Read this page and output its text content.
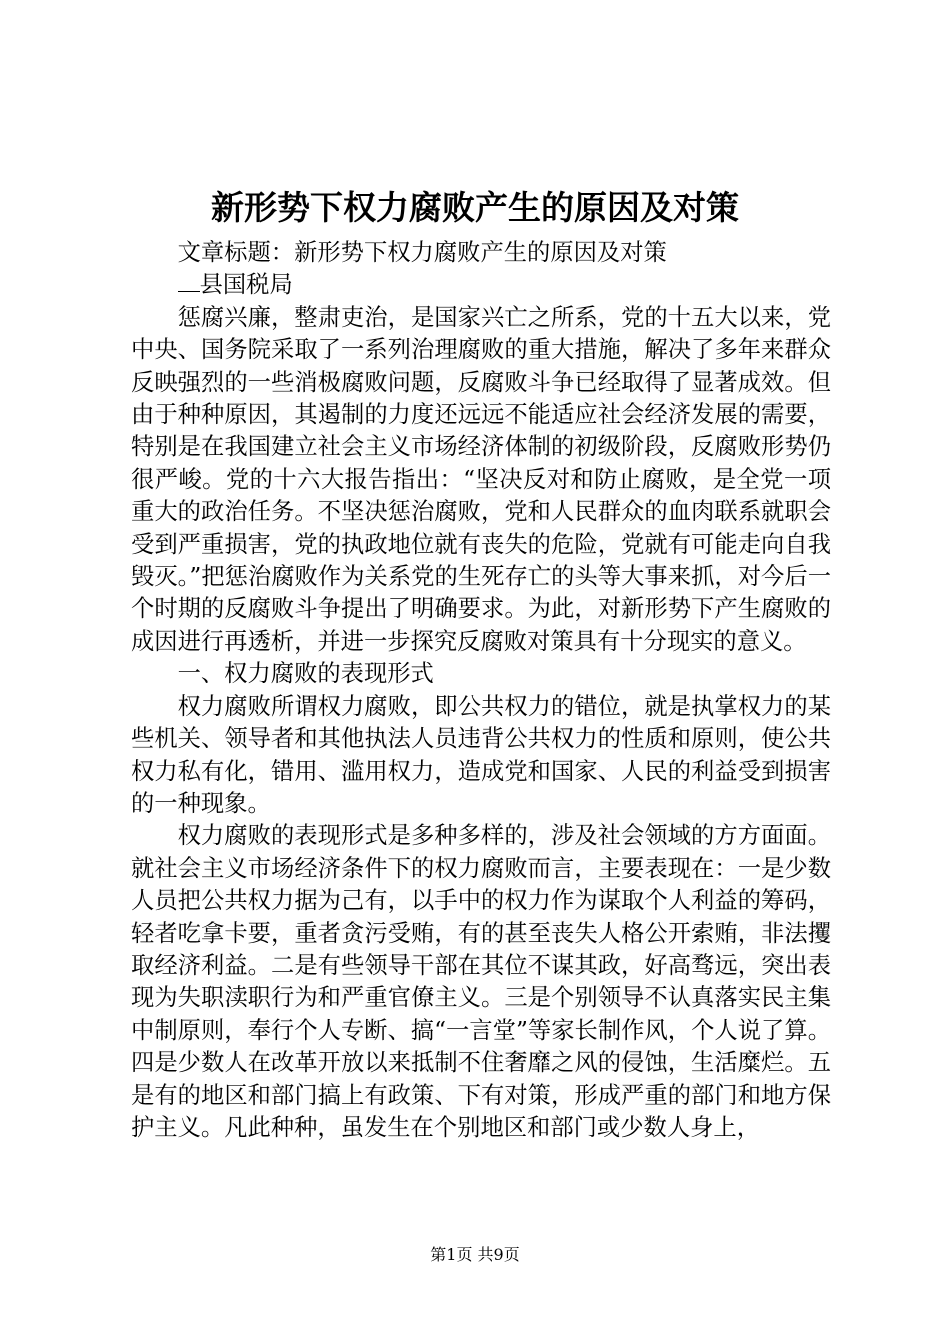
新形势下权力腐败产生的原因及对策

文章标题：新形势下权力腐败产生的原因及对策

县国税局

惩腐兴廉，整肃吏治，是国家兴亡之所系，党的十五大以来，党中央、国务院采取了一系列治理腐败的重大措施，解决了多年来群众反映强烈的一些消极腐败问题，反腐败斗争已经取得了显著成效。但由于种种原因，其遏制的力度还远远不能适应社会经济发展的需要，特别是在我国建立社会主义市场经济体制的初级阶段，反腐败形势仍很严峻。党的十六大报告指出：“坚决反对和防止腐败，是全党一项重大的政治任务。不坚决惩治腐败，党和人民群众的血肉联系就职会受到严重损害，党的执政地位就有丧失的危险，党就有可能走向自我毁灭。”把惩治腐败作为关系党的生死存亡的头等大事来抓，对今后一个时期的反腐败斗争提出了明确要求。为此，对新形势下产生腐败的成因进行再透析，并进一步探究反腐败对策具有十分现实的意义。

一、权力腐败的表现形式

权力腐败所谓权力腐败，即公共权力的错位，就是执掌权力的某些机关、领导者和其他执法人员违背公共权力的性质和原则，使公共权力私有化，错用、滥用权力，造成党和国家、人民的利益受到损害的一种现象。

权力腐败的表现形式是多种多样的，涉及社会领域的方方面面。就社会主义市场经济条件下的权力腐败而言，主要表现在：一是少数人员把公共权力据为己有，以手中的权力作为谋取个人利益的筹码，轻者吃拿卡要，重者贪污受贿，有的甚至丧失人格公开索贿，非法攫取经济利益。二是有些领导干部在其位不谋其政，好高骛远，突出表现为失职渎职行为和严重官僚主义。三是个别领导不认真落实民主集中制原则，奉行个人专断、搞“一言堂”等家长制作风，个人说了算。四是少数人在改革开放以来抵制不住奢靡之风的侵蚀，生活糜烂。五是有的地区和部门搞上有政策、下有对策，形成严重的部门和地方保护主义。凡此种种，虽发生在个别地区和部门或少数人身上，

第1页 共9页
